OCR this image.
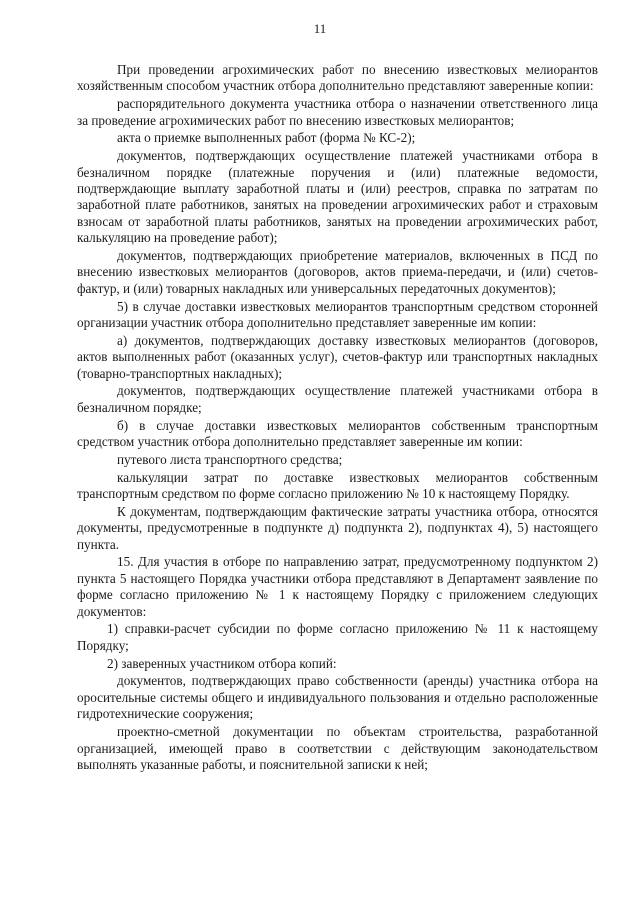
11

При проведении агрохимических работ по внесению известковых мелиорантов хозяйственным способом участник отбора дополнительно представляют заверенные копии:

распорядительного документа участника отбора о назначении ответственного лица за проведение агрохимических работ по внесению известковых мелиорантов;

акта о приемке выполненных работ (форма № КС-2);

документов, подтверждающих осуществление платежей участниками отбора в безналичном порядке (платежные поручения и (или) платежные ведомости, подтверждающие выплату заработной платы и (или) реестров, справка по затратам по заработной плате работников, занятых на проведении агрохимических работ и страховым взносам от заработной платы работников, занятых на проведении агрохимических работ, калькуляцию на проведение работ);

документов, подтверждающих приобретение материалов, включенных в ПСД по внесению известковых мелиорантов (договоров, актов приема-передачи, и (или) счетов-фактур, и (или) товарных накладных или универсальных передаточных документов);

5) в случае доставки известковых мелиорантов транспортным средством сторонней организации участник отбора дополнительно представляет заверенные им копии:

а) документов, подтверждающих доставку известковых мелиорантов (договоров, актов выполненных работ (оказанных услуг), счетов-фактур или транспортных накладных (товарно-транспортных накладных);

документов, подтверждающих осуществление платежей участниками отбора в безналичном порядке;

б) в случае доставки известковых мелиорантов собственным транспортным средством участник отбора дополнительно представляет заверенные им копии:

путевого листа транспортного средства;

калькуляции затрат по доставке известковых мелиорантов собственным транспортным средством по форме согласно приложению № 10 к настоящему Порядку.

К документам, подтверждающим фактические затраты участника отбора, относятся документы, предусмотренные в подпункте д) подпункта 2), подпунктах 4), 5) настоящего пункта.

15. Для участия в отборе по направлению затрат, предусмотренному подпунктом 2) пункта 5 настоящего Порядка участники отбора представляют в Департамент заявление по форме согласно приложению № 1 к настоящему Порядку с приложением следующих документов:

1) справки-расчет субсидии по форме согласно приложению № 11 к настоящему Порядку;

2) заверенных участником отбора копий:

документов, подтверждающих право собственности (аренды) участника отбора на оросительные системы общего и индивидуального пользования и отдельно расположенные гидротехнические сооружения;

проектно-сметной документации по объектам строительства, разработанной организацией, имеющей право в соответствии с действующим законодательством выполнять указанные работы, и пояснительной записки к ней;
